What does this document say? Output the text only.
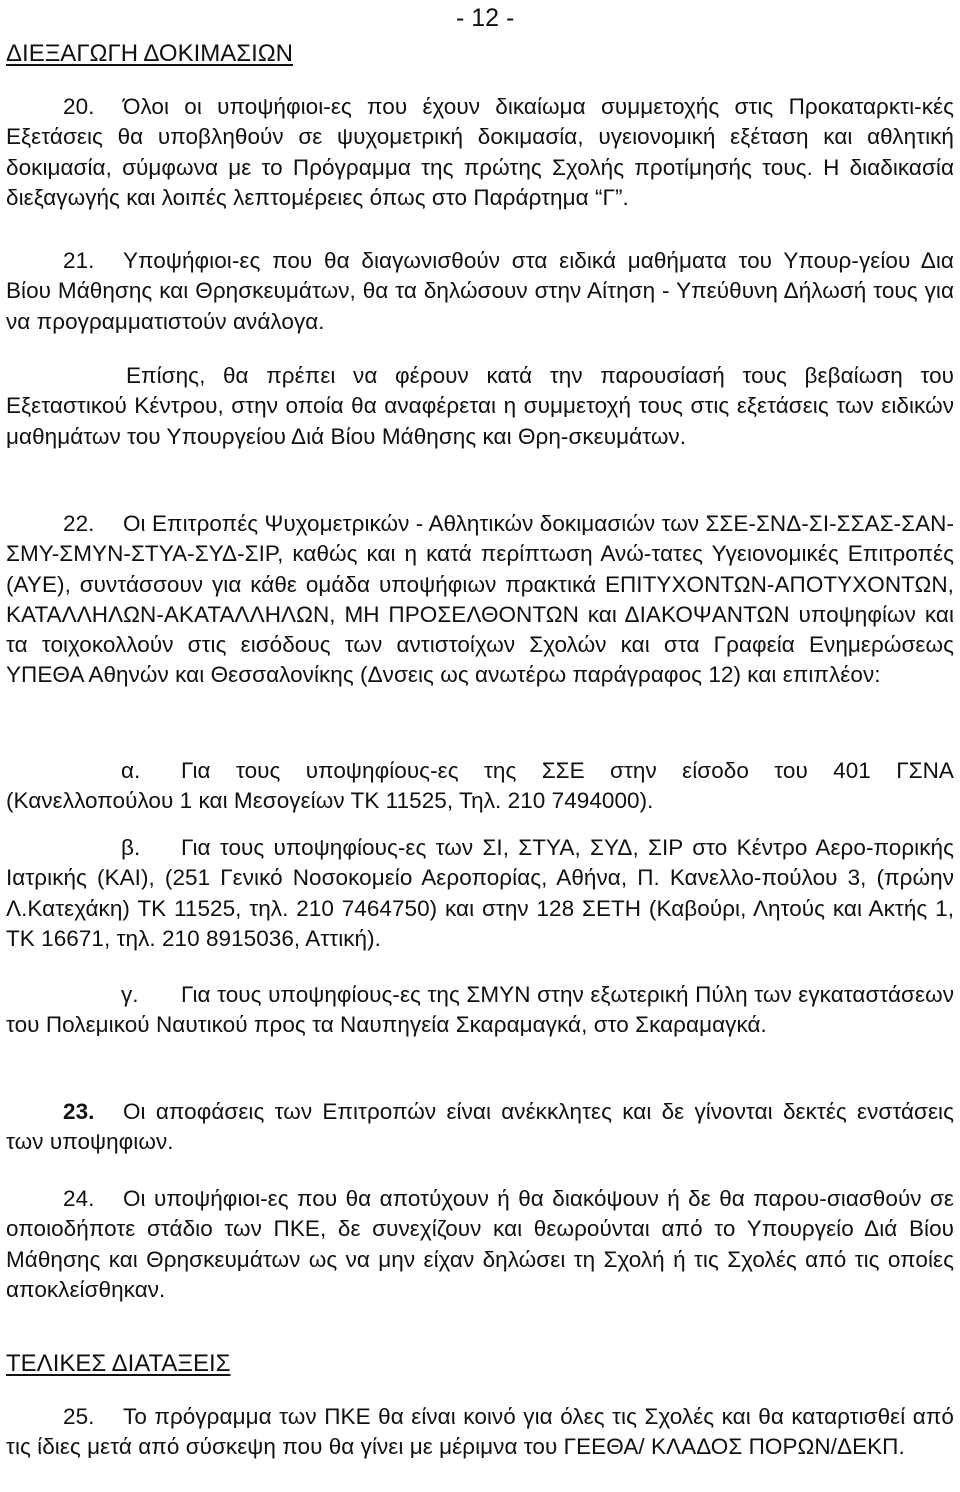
- 12 -
ΔΙΕΞΑΓΩΓΗ ΔΟΚΙΜΑΣΙΩΝ
20. Όλοι οι υποψήφιοι-ες που έχουν δικαίωμα συμμετοχής στις Προκαταρκτι-κές Εξετάσεις θα υποβληθούν σε ψυχομετρική δοκιμασία, υγειονομική εξέταση και αθλητική δοκιμασία, σύμφωνα με το Πρόγραμμα της πρώτης Σχολής προτίμησής τους. Η διαδικασία διεξαγωγής και λοιπές λεπτομέρειες όπως στο Παράρτημα “Γ”.
21. Υποψήφιοι-ες που θα διαγωνισθούν στα ειδικά μαθήματα του Υπουρ-γείου Δια Βίου Μάθησης και Θρησκευμάτων, θα τα δηλώσουν στην Αίτηση - Υπεύθυνη Δήλωσή τους για να προγραμματιστούν ανάλογα.
Επίσης, θα πρέπει να φέρουν κατά την παρουσίασή τους βεβαίωση του Εξεταστικού Κέντρου, στην οποία θα αναφέρεται η συμμετοχή τους στις εξετάσεις των ειδικών μαθημάτων του Υπουργείου Διά Βίου Μάθησης και Θρη-σκευμάτων.
22. Οι Επιτροπές Ψυχομετρικών - Αθλητικών δοκιμασιών των ΣΣΕ-ΣΝΔ-ΣΙ-ΣΣΑΣ-ΣΑΝ-ΣΜΥ-ΣΜΥΝ-ΣΤΥΑ-ΣΥΔ-ΣΙΡ, καθώς και η κατά περίπτωση Ανώ-τατες Υγειονομικές Επιτροπές (ΑΥΕ), συντάσσουν για κάθε ομάδα υποψήφιων πρακτικά ΕΠΙΤΥΧΟΝΤΩΝ-ΑΠΟΤΥΧΟΝΤΩΝ, ΚΑΤΑΛΛΗΛΩΝ-ΑΚΑΤΑΛΛΗΛΩΝ, ΜΗ ΠΡΟΣΕΛΘΟΝΤΩΝ και ΔΙΑΚΟΨΑΝΤΩΝ υποψηφίων και τα τοιχοκολλούν στις εισόδους των αντιστοίχων Σχολών και στα Γραφεία Ενημερώσεως ΥΠΕΘΑ Αθηνών και Θεσσαλονίκης (Δνσεις ως ανωτέρω παράγραφος 12) και επιπλέον:
α. Για τους υποψηφίους-ες της ΣΣΕ στην είσοδο του 401 ΓΣΝΑ (Κανελλοπούλου 1 και Μεσογείων ΤΚ 11525, Τηλ. 210 7494000).
β. Για τους υποψηφίους-ες των ΣΙ, ΣΤΥΑ, ΣΥΔ, ΣΙΡ στο Κέντρο Αερο-πορικής Ιατρικής (ΚΑΙ), (251 Γενικό Νοσοκομείο Αεροπορίας, Αθήνα, Π. Κανελλο-πούλου 3, (πρώην Λ.Κατεχάκη) ΤΚ 11525, τηλ. 210 7464750) και στην 128 ΣΕΤΗ (Καβούρι, Λητούς και Ακτής 1, ΤΚ 16671, τηλ. 210 8915036, Αττική).
γ. Για τους υποψηφίους-ες της ΣΜΥΝ στην εξωτερική Πύλη των εγκαταστάσεων του Πολεμικού Ναυτικού προς τα Ναυπηγεία Σκαραμαγκά, στο Σκαραμαγκά.
23. Οι αποφάσεις των Επιτροπών είναι ανέκκλητες και δε γίνονται δεκτές ενστάσεις των υποψηφιων.
24. Οι υποψήφιοι-ες που θα αποτύχουν ή θα διακόψουν ή δε θα παρου-σιασθούν σε οποιοδήποτε στάδιο των ΠΚΕ, δε συνεχίζουν και θεωρούνται από το Υπουργείο Διά Βίου Μάθησης και Θρησκευμάτων ως να μην είχαν δηλώσει τη Σχολή ή τις Σχολές από τις οποίες αποκλείσθηκαν.
ΤΕΛΙΚΕΣ ΔΙΑΤΑΞΕΙΣ
25. Το πρόγραμμα των ΠΚΕ θα είναι κοινό για όλες τις Σχολές και θα καταρτισθεί από τις ίδιες μετά από σύσκεψη που θα γίνει με μέριμνα του ΓΕΕΘΑ/ ΚΛΑΔΟΣ ΠΟΡΩΝ/ΔΕΚΠ.
